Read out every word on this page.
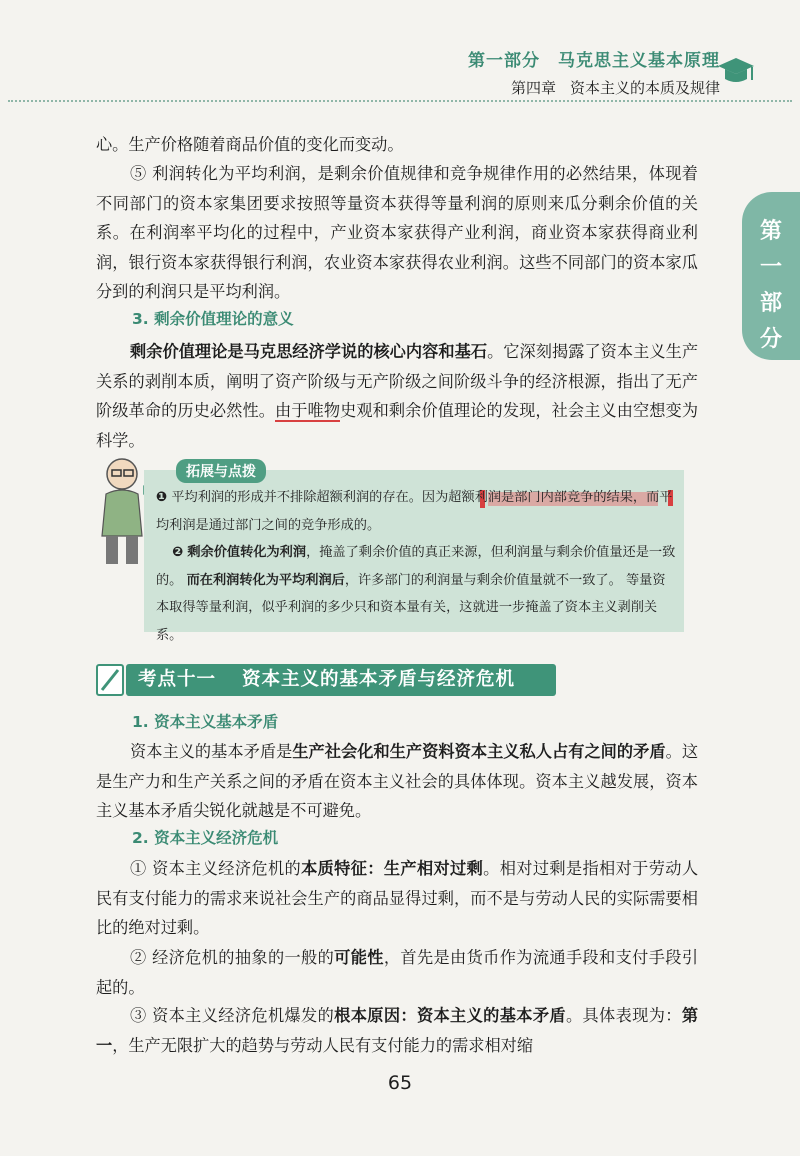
第一部分 马克思主义基本原理
第四章 资本主义的本质及规律
第
一
部
分
心。生产价格随着商品价值的变化而变动。
⑤ 利润转化为平均利润，是剩余价值规律和竞争规律作用的必然结果，体现着不同部门的资本家集团要求按照等量资本获得等量利润的原则来瓜分剩余价值的关系。在利润率平均化的过程中，产业资本家获得产业利润，商业资本家获得商业利润，银行资本家获得银行利润，农业资本家获得农业利润。这些不同部门的资本家瓜分到的利润只是平均利润。
3. 剩余价值理论的意义
剩余价值理论是马克思经济学说的核心内容和基石。它深刻揭露了资本主义生产关系的剥削本质，阐明了资产阶级与无产阶级之间阶级斗争的经济根源，指出了无产阶级革命的历史必然性。由于唯物史观和剩余价值理论的发现，社会主义由空想变为科学。
拓展与点拨
❶ 平均利润的形成并不排除超额利润的存在。因为超额利润是部门内部竞争的结果，而平均利润是通过部门之间的竞争形成的。
❷ 剩余价值转化为利润，掩盖了剩余价值的真正来源，但利润量与剩余价值量还是一致的。 而在利润转化为平均利润后，许多部门的利润量与剩余价值量就不一致了。 等量资本取得等量利润，似乎利润的多少只和资本量有关，这就进一步掩盖了资本主义剥削关系。
考点十一 资本主义的基本矛盾与经济危机
1. 资本主义基本矛盾
资本主义的基本矛盾是生产社会化和生产资料资本主义私人占有之间的矛盾。这是生产力和生产关系之间的矛盾在资本主义社会的具体体现。资本主义越发展，资本主义基本矛盾尖锐化就越是不可避免。
2. 资本主义经济危机
① 资本主义经济危机的本质特征：生产相对过剩。相对过剩是指相对于劳动人民有支付能力的需求来说社会生产的商品显得过剩，而不是与劳动人民的实际需要相比的绝对过剩。
② 经济危机的抽象的一般的可能性，首先是由货币作为流通手段和支付手段引起的。
③ 资本主义经济危机爆发的根本原因：资本主义的基本矛盾。具体表现为：第一，生产无限扩大的趋势与劳动人民有支付能力的需求相对缩
65
